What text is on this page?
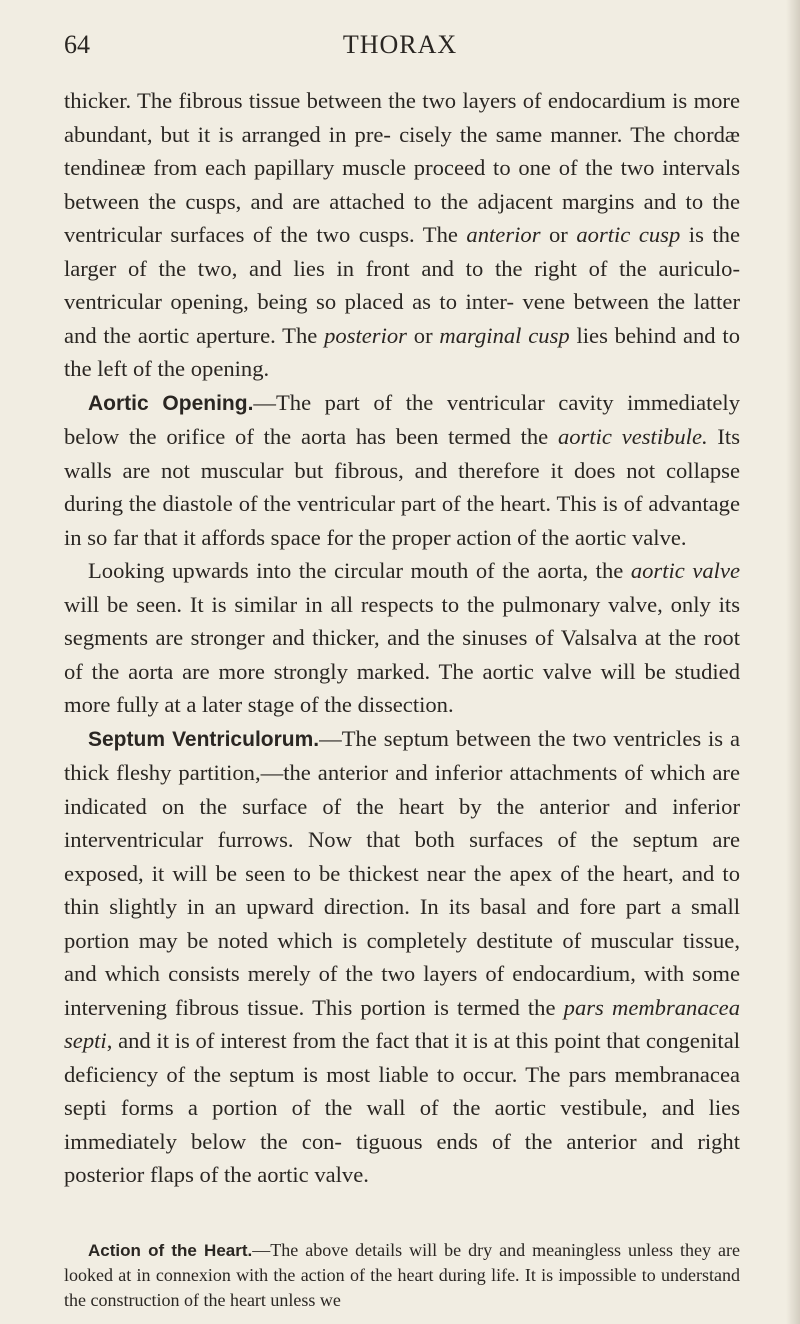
64	THORAX

thicker. The fibrous tissue between the two layers of endocardium is more abundant, but it is arranged in pre- cisely the same manner. The chordæ tendineæ from each papillary muscle proceed to one of the two intervals between the cusps, and are attached to the adjacent margins and to the ventricular surfaces of the two cusps. The anterior or aortic cusp is the larger of the two, and lies in front and to the right of the auriculo-ventricular opening, being so placed as to inter- vene between the latter and the aortic aperture. The posterior or marginal cusp lies behind and to the left of the opening.

Aortic Opening.—The part of the ventricular cavity immediately below the orifice of the aorta has been termed the aortic vestibule. Its walls are not muscular but fibrous, and therefore it does not collapse during the diastole of the ventricular part of the heart. This is of advantage in so far that it affords space for the proper action of the aortic valve.

Looking upwards into the circular mouth of the aorta, the aortic valve will be seen. It is similar in all respects to the pulmonary valve, only its segments are stronger and thicker, and the sinuses of Valsalva at the root of the aorta are more strongly marked. The aortic valve will be studied more fully at a later stage of the dissection.

Septum Ventriculorum.—The septum between the two ventricles is a thick fleshy partition,—the anterior and inferior attachments of which are indicated on the surface of the heart by the anterior and inferior interventricular furrows. Now that both surfaces of the septum are exposed, it will be seen to be thickest near the apex of the heart, and to thin slightly in an upward direction. In its basal and fore part a small portion may be noted which is completely destitute of muscular tissue, and which consists merely of the two layers of endocardium, with some intervening fibrous tissue. This portion is termed the pars membranacea septi, and it is of interest from the fact that it is at this point that congenital deficiency of the septum is most liable to occur. The pars membranacea septi forms a portion of the wall of the aortic vestibule, and lies immediately below the con- tiguous ends of the anterior and right posterior flaps of the aortic valve.

Action of the Heart.—The above details will be dry and meaningless unless they are looked at in connexion with the action of the heart during life. It is impossible to understand the construction of the heart unless we
